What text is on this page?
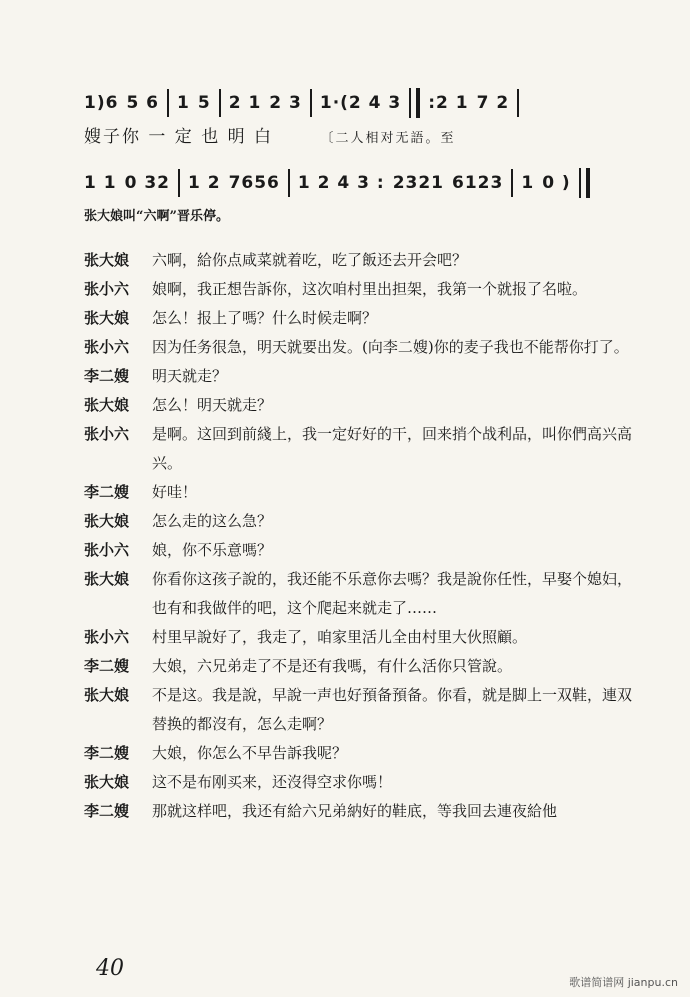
1)6 5 6 1 5 2 1 2 3 1·(2 4 3 :2 1 7 2
嫂子你 一 定 也 明 白	〔二人相对无語。至
1 1 0 32 1 2 7656 1 2 4 3 : 2321 6123 1 0 )
张大娘叫“六啊”晋乐停。
张大娘	六啊，給你点咸菜就着吃，吃了飯还去开会吧？
张小六	娘啊，我正想告訴你，这次咱村里出担架，我第一个就报了名啦。
张大娘	怎么！报上了嗎？什么时候走啊？
张小六	因为任务很急，明天就要出发。(向李二嫂)你的麦子我也不能帮你打了。
李二嫂	明天就走？
张大娘	怎么！明天就走？
张小六	是啊。这回到前綫上，我一定好好的干，回来捎个战利品，叫你們高兴高兴。
李二嫂	好哇！
张大娘	怎么走的这么急？
张小六	娘，你不乐意嗎？
张大娘	你看你这孩子說的，我还能不乐意你去嗎？我是說你任性，早娶个媳妇，也有和我做伴的吧，这个爬起来就走了……
张小六	村里早說好了，我走了，咱家里活儿全由村里大伙照顧。
李二嫂	大娘，六兄弟走了不是还有我嗎，有什么活你只管說。
张大娘	不是这。我是說，早說一声也好預备預备。你看，就是脚上一双鞋，連双替换的都沒有，怎么走啊？
李二嫂	大娘，你怎么不早告訴我呢？
张大娘	这不是布刚买来，还沒得空求你嗎！
李二嫂	那就这样吧，我还有給六兄弟納好的鞋底，等我回去連夜給他
40
歌谱简谱网 jianpu.cn
